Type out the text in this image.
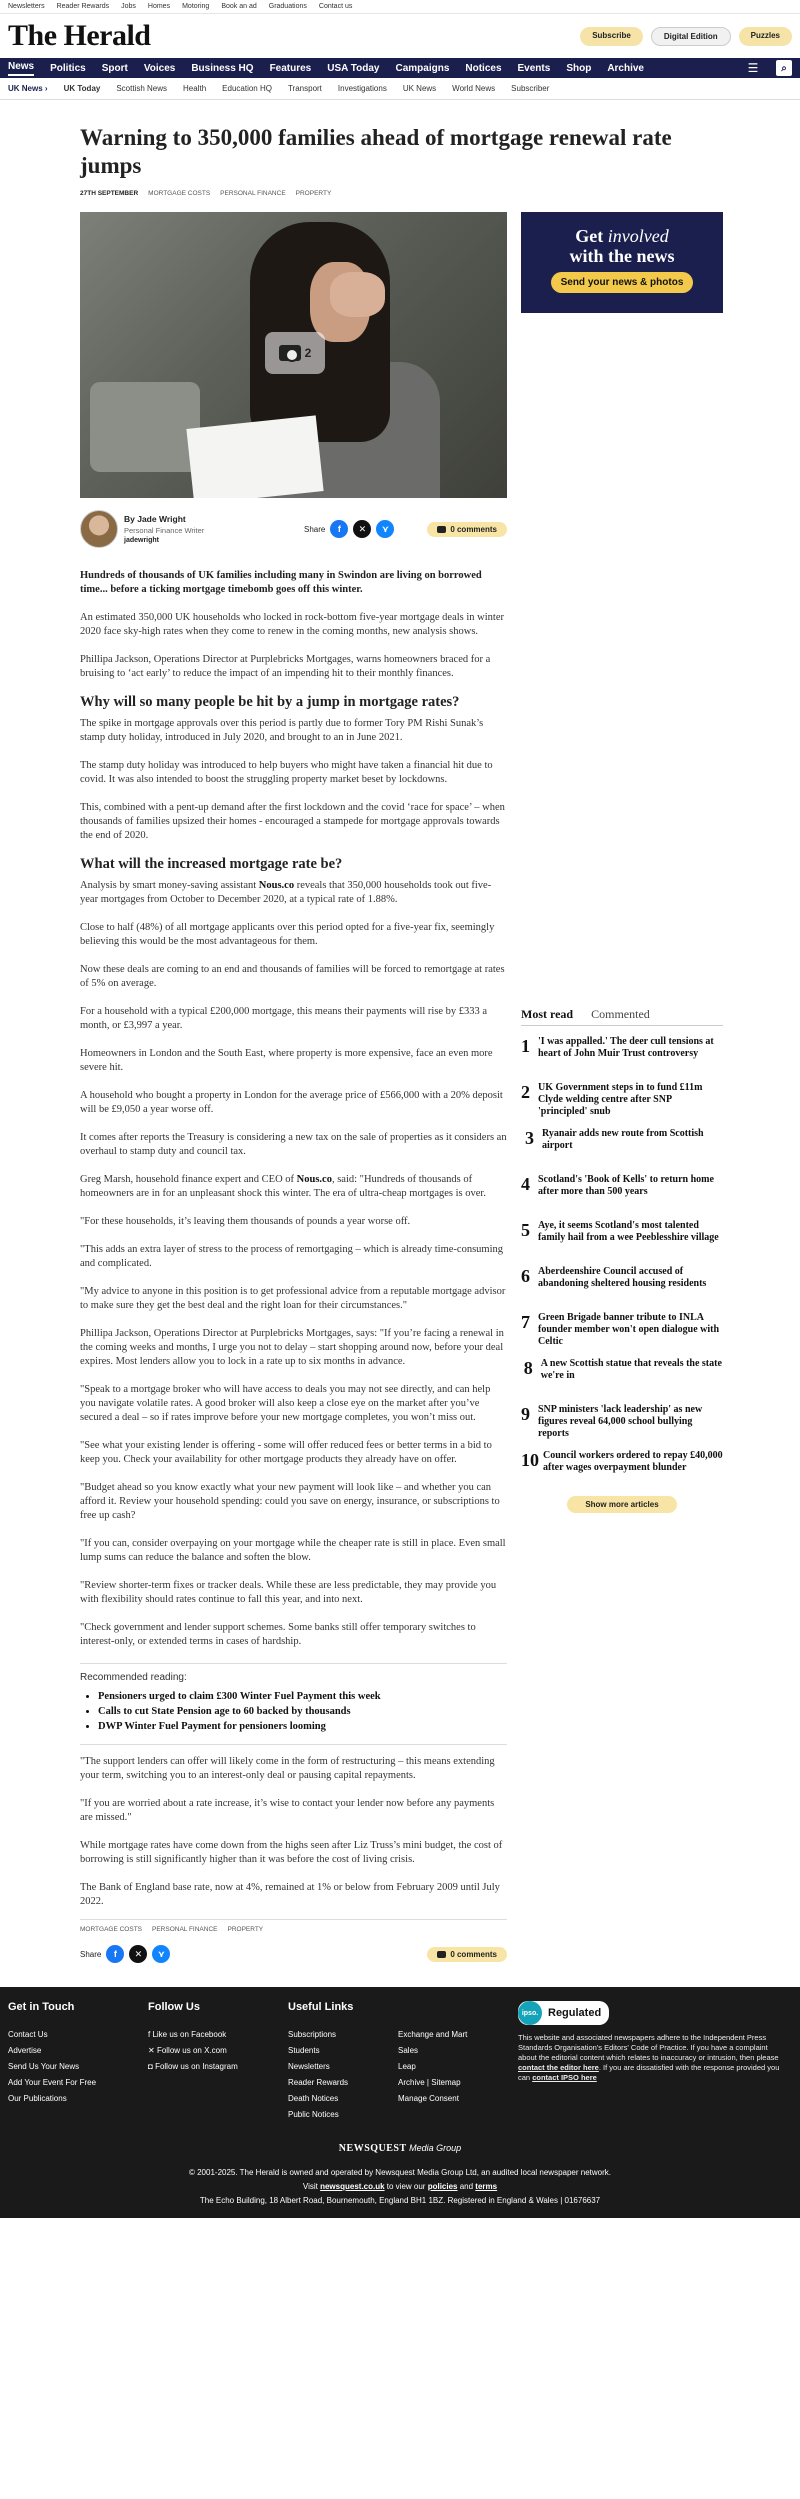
Newsletters Reader Rewards Jobs Homes Motoring Book an ad Graduations Contact us
The Herald	Subscribe	Digital Edition	Puzzles
News Politics Sport Voices Business HQ Features USA Today Campaigns Notices Events Shop Archive	☰	⌕
UK News › UK Today Scottish News Health Education HQ Transport Investigations UK News World News Subscriber
Warning to 350,000 families ahead of mortgage renewal rate jumps
27TH SEPTEMBER MORTGAGE COSTS PERSONAL FINANCE PROPERTY
2
By Jade Wright
Personal Finance Writer
jadewright
Share	f	✕	⋎	0 comments

Hundreds of thousands of UK families including many in Swindon are living on borrowed time... before a ticking mortgage timebomb goes off this winter.

An estimated 350,000 UK households who locked in rock-bottom five-year mortgage deals in winter 2020 face sky-high rates when they come to renew in the coming months, new analysis shows.

Phillipa Jackson, Operations Director at Purplebricks Mortgages, warns homeowners braced for a bruising to ‘act early’ to reduce the impact of an impending hit to their monthly finances.

Why will so many people be hit by a jump in mortgage rates?

The spike in mortgage approvals over this period is partly due to former Tory PM Rishi Sunak’s stamp duty holiday, introduced in July 2020, and brought to an in June 2021.

The stamp duty holiday was introduced to help buyers who might have taken a financial hit due to covid. It was also intended to boost the struggling property market beset by lockdowns.

This, combined with a pent-up demand after the first lockdown and the covid ‘race for space’ – when thousands of families upsized their homes - encouraged a stampede for mortgage approvals towards the end of 2020.

What will the increased mortgage rate be?

Analysis by smart money-saving assistant Nous.co reveals that 350,000 households took out five-year mortgages from October to December 2020, at a typical rate of 1.88%.

Close to half (48%) of all mortgage applicants over this period opted for a five-year fix, seemingly believing this would be the most advantageous for them.

Now these deals are coming to an end and thousands of families will be forced to remortgage at rates of 5% on average.

For a household with a typical £200,000 mortgage, this means their payments will rise by £333 a month, or £3,997 a year.

Homeowners in London and the South East, where property is more expensive, face an even more severe hit.

A household who bought a property in London for the average price of £566,000 with a 20% deposit will be £9,050 a year worse off.

It comes after reports the Treasury is considering a new tax on the sale of properties as it considers an overhaul to stamp duty and council tax.

Greg Marsh, household finance expert and CEO of Nous.co, said: "Hundreds of thousands of homeowners are in for an unpleasant shock this winter. The era of ultra-cheap mortgages is over.

"For these households, it’s leaving them thousands of pounds a year worse off.

"This adds an extra layer of stress to the process of remortgaging – which is already time-consuming and complicated.

"My advice to anyone in this position is to get professional advice from a reputable mortgage advisor to make sure they get the best deal and the right loan for their circumstances."

Phillipa Jackson, Operations Director at Purplebricks Mortgages, says: "If you’re facing a renewal in the coming weeks and months, I urge you not to delay – start shopping around now, before your deal expires. Most lenders allow you to lock in a rate up to six months in advance.

"Speak to a mortgage broker who will have access to deals you may not see directly, and can help you navigate volatile rates. A good broker will also keep a close eye on the market after you’ve secured a deal – so if rates improve before your new mortgage completes, you won’t miss out.

"See what your existing lender is offering - some will offer reduced fees or better terms in a bid to keep you. Check your availability for other mortgage products they already have on offer.

"Budget ahead so you know exactly what your new payment will look like – and whether you can afford it. Review your household spending: could you save on energy, insurance, or subscriptions to free up cash?

"If you can, consider overpaying on your mortgage while the cheaper rate is still in place. Even small lump sums can reduce the balance and soften the blow.

"Review shorter-term fixes or tracker deals. While these are less predictable, they may provide you with flexibility should rates continue to fall this year, and into next.

"Check government and lender support schemes. Some banks still offer temporary switches to interest-only, or extended terms in cases of hardship.

Recommended reading:
• Pensioners urged to claim £300 Winter Fuel Payment this week
• Calls to cut State Pension age to 60 backed by thousands
• DWP Winter Fuel Payment for pensioners looming

"The support lenders can offer will likely come in the form of restructuring – this means extending your term, switching you to an interest-only deal or pausing capital repayments.

"If you are worried about a rate increase, it’s wise to contact your lender now before any payments are missed."

While mortgage rates have come down from the highs seen after Liz Truss’s mini budget, the cost of borrowing is still significantly higher than it was before the cost of living crisis.

The Bank of England base rate, now at 4%, remained at 1% or below from February 2009 until July 2022.

MORTGAGE COSTS PERSONAL FINANCE PROPERTY
Share	f	✕	⋎	0 comments
Get involved
with the news
Send your news & photos
Most read Commented
1 'I was appalled.' The deer cull tensions at heart of John Muir Trust controversy
2 UK Government steps in to fund £11m Clyde welding centre after SNP 'principled' snub
3 Ryanair adds new route from Scottish airport
4 Scotland's 'Book of Kells' to return home after more than 500 years
5 Aye, it seems Scotland's most talented family hail from a wee Peeblesshire village
6 Aberdeenshire Council accused of abandoning sheltered housing residents
7 Green Brigade banner tribute to INLA founder member won't open dialogue with Celtic
8 A new Scottish statue that reveals the state we're in
9 SNP ministers 'lack leadership' as new figures reveal 64,000 school bullying reports
10 Council workers ordered to repay £40,000 after wages overpayment blunder
Show more articles
Get in Touch
Contact Us
Advertise
Send Us Your News
Add Your Event For Free
Our Publications
Follow Us
f Like us on Facebook
✕ Follow us on X.com
◘ Follow us on Instagram
Useful Links
Subscriptions
Students
Newsletters
Reader Rewards
Death Notices
Public Notices
Exchange and Mart
Sales
Leap
Archive | Sitemap
Manage Consent
ipso. Regulated
This website and associated newspapers adhere to the Independent Press Standards Organisation's Editors' Code of Practice. If you have a complaint about the editorial content which relates to inaccuracy or intrusion, then please contact the editor here. If you are dissatisfied with the response provided you can contact IPSO here
NEWSQUEST Media Group
© 2001-2025. The Herald is owned and operated by Newsquest Media Group Ltd, an audited local newspaper network.
Visit newsquest.co.uk to view our policies and terms
The Echo Building, 18 Albert Road, Bournemouth, England BH1 1BZ. Registered in England & Wales | 01676637
